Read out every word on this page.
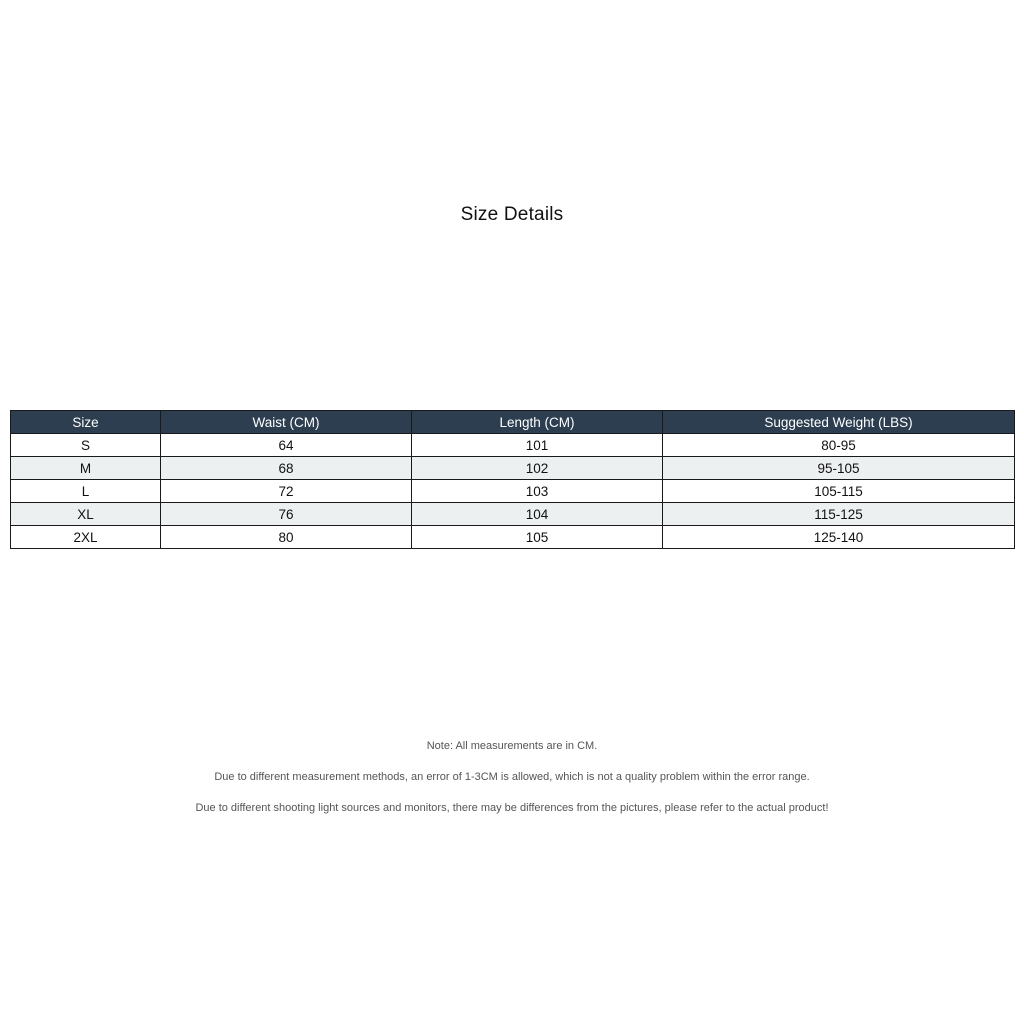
Size Details
Size	Waist (CM)	Length (CM)	Suggested Weight (LBS)
S	64	101	80-95
M	68	102	95-105
L	72	103	105-115
XL	76	104	115-125
2XL	80	105	125-140

Note: All measurements are in CM.

Due to different measurement methods, an error of 1-3CM is allowed, which is not a quality problem within the error range.

Due to different shooting light sources and monitors, there may be differences from the pictures, please refer to the actual product!
